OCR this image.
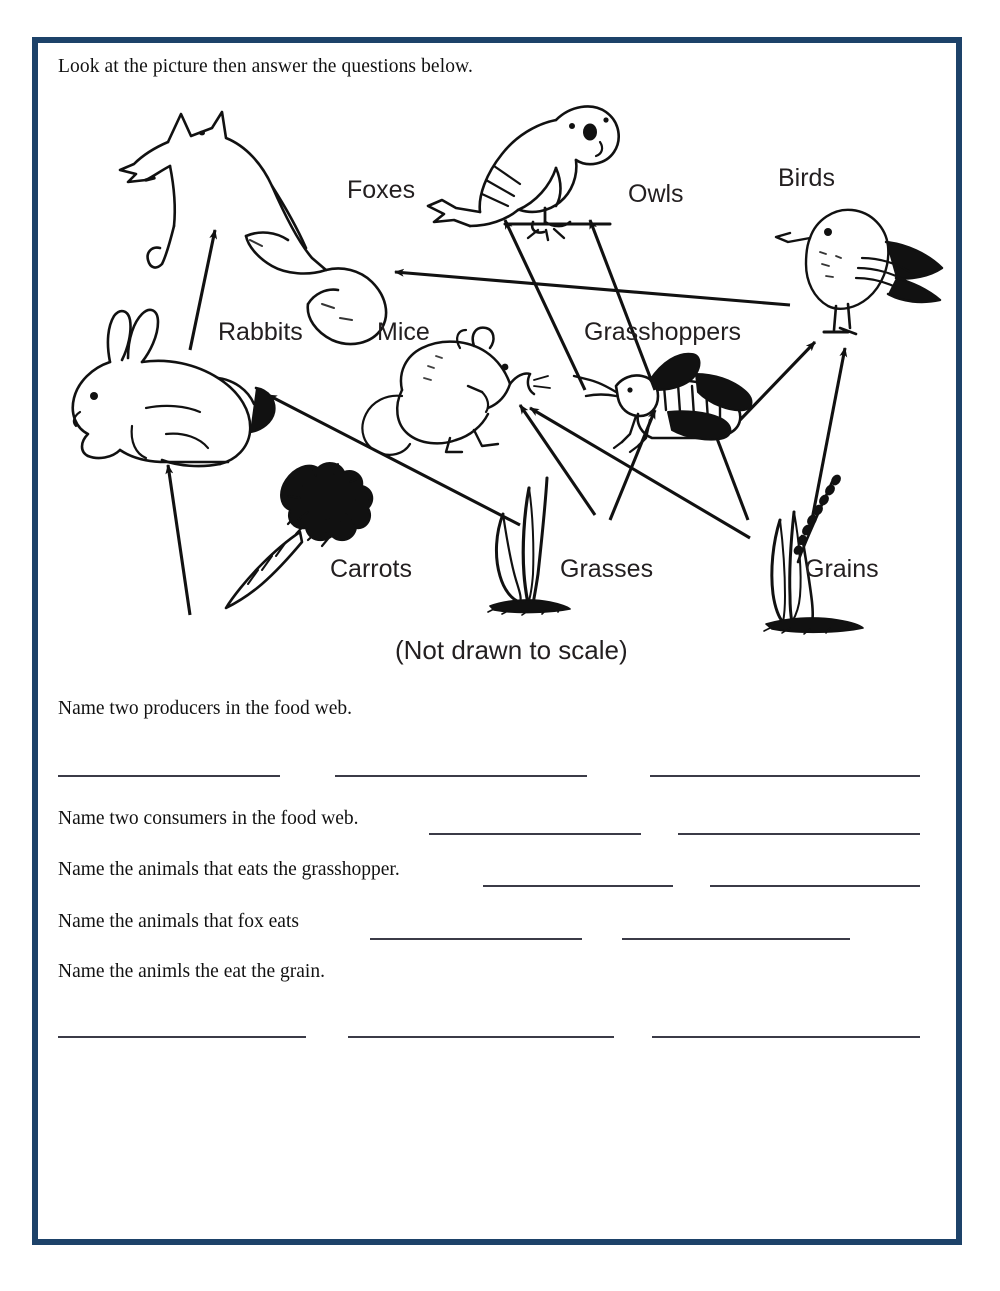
Look at the picture then answer the questions below.
Foxes	Owls
Birds
Rabbits	Mice	Grasshoppers
Carrots	Grasses	Grains
(Not drawn to scale)
Name two producers in the food web.
Name two consumers in the food web.
Name the animals that eats the grasshopper.
Name the animals that fox eats
Name the animls the eat the grain.
